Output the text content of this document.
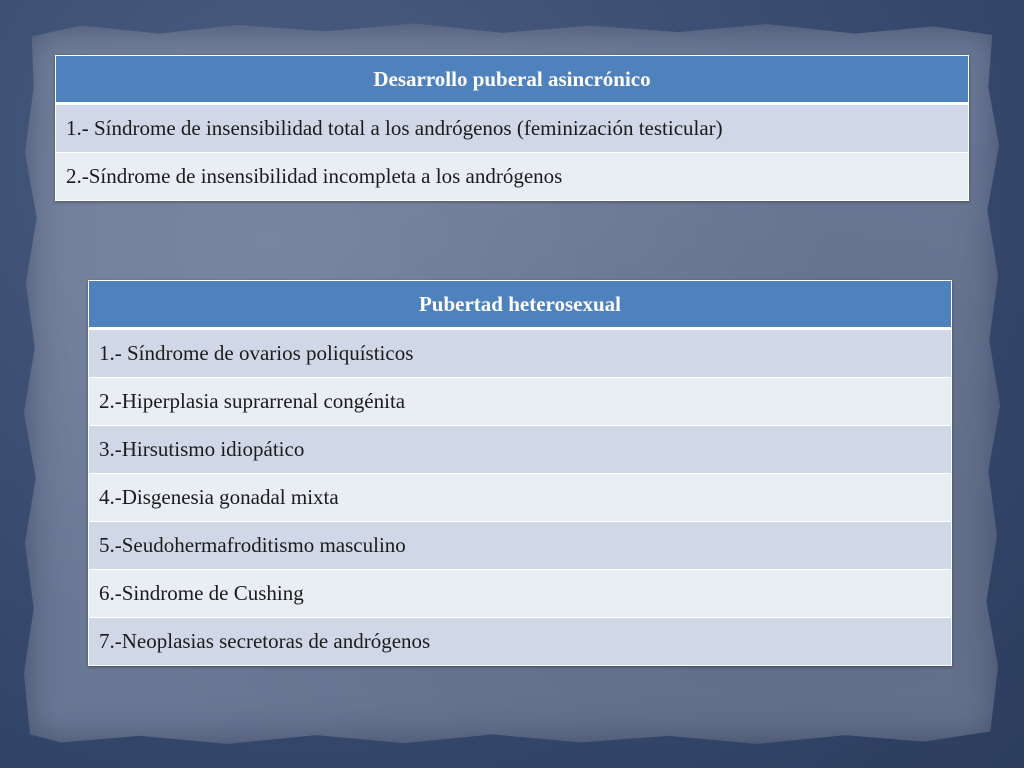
Desarrollo puberal asincrónico
1.- Síndrome de insensibilidad total a los andrógenos (feminización testicular)
2.-Síndrome de insensibilidad incompleta a los andrógenos
Pubertad heterosexual
1.- Síndrome de ovarios poliquísticos
2.-Hiperplasia suprarrenal congénita
3.-Hirsutismo idiopático
4.-Disgenesia gonadal mixta
5.-Seudohermafroditismo masculino
6.-Sindrome de Cushing
7.-Neoplasias secretoras de andrógenos
